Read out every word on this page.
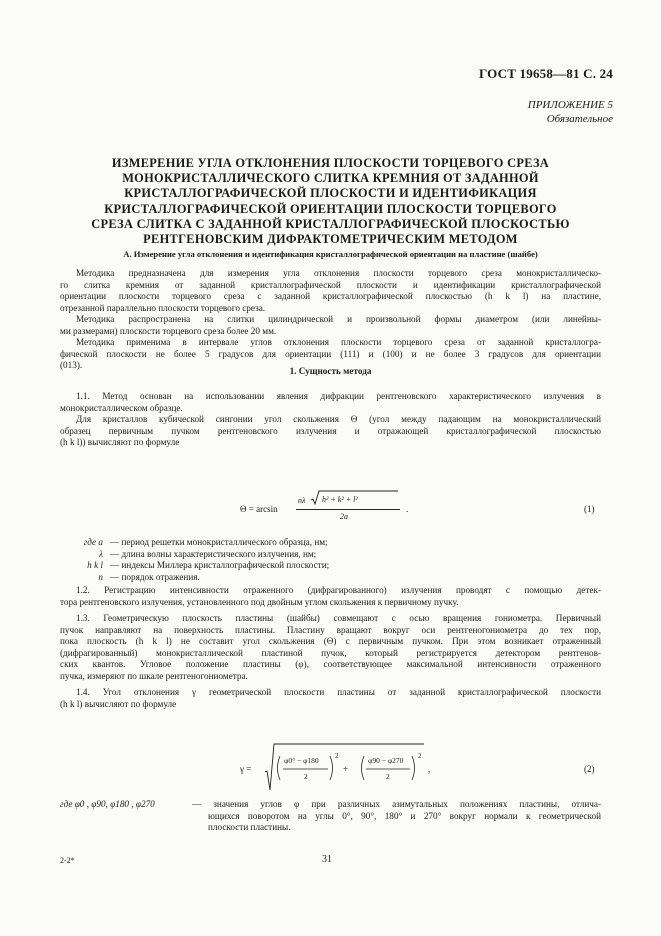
ГОСТ 19658—81 С. 24
ПРИЛОЖЕНИЕ 5
Обязательное
ИЗМЕРЕНИЕ УГЛА ОТКЛОНЕНИЯ ПЛОСКОСТИ ТОРЦЕВОГО СРЕЗА
МОНОКРИСТАЛЛИЧЕСКОГО СЛИТКА КРЕМНИЯ ОТ ЗАДАННОЙ
КРИСТАЛЛОГРАФИЧЕСКОЙ ПЛОСКОСТИ И ИДЕНТИФИКАЦИЯ
КРИСТАЛЛОГРАФИЧЕСКОЙ ОРИЕНТАЦИИ ПЛОСКОСТИ ТОРЦЕВОГО
СРЕЗА СЛИТКА С ЗАДАННОЙ КРИСТАЛЛОГРАФИЧЕСКОЙ ПЛОСКОСТЬЮ
РЕНТГЕНОВСКИМ ДИФРАКТОМЕТРИЧЕСКИМ МЕТОДОМ
А. Измерение угла отклонения и идентификация кристаллографической ориентации на пластине (шайбе)
Методика предназначена для измерения угла отклонения плоскости торцевого среза монокристалличеcко-
го слитка кремния от заданной кристаллографической плоскости и идентификации кристаллографической
ориентации плоскости торцевого среза с заданной кристаллографической плоскостью (h k l) на пластине,
отрезанной параллельно плоскости торцевого среза.
Методика распространена на слитки цилиндрической и произвольной формы диаметром (или линейны-
ми размерами) плоскости торцевого среза более 20 мм.
Методика применима в интервале углов отклонения плоскости торцевого среза от заданной кристаллогра-
фической плоскости не более 5 градусов для ориентации (111) и (100) и не более 3 градусов для ориентации
(013).
1. Сущность метода
1.1. Метод основан на использовании явления дифракции рентгеновского характеристического излучения в
монокристаллическом образце.
Для кристаллов кубической сингонии угол скольжения Θ (угол между падающим на монокристаллический
образец первичным пучком рентгеновского излучения и отражающей кристаллографической плоскостью
(h k l)) вычисляют по формуле
Θ = arcsin
nλ h² + k² + l²
2a
.	(1)
где a — период решетки монокристаллического образца, нм;
λ — длина волны характеристического излучения, нм;
h k l — индексы Миллера кристаллографической плоскости;
n — порядок отражения.
1.2. Регистрацию интенсивности отраженного (дифрагированного) излучения проводят с помощью детек-
тора рентгеновского излучения, установленного под двойным углом скольжения к первичному пучку.
1.3. Геометрическую плоскость пластины (шайбы) совмещают с осью вращения гониометра. Первичный
пучок направляют на поверхность пластины. Пластину вращают вокруг оси рентгеногониометра до тех пор,
пока плоскость (h k l) не составит угол скольжения (Θ) с первичным пучком. При этом возникает отраженный
(дифрагированный) монокристаллической пластиной пучок, который регистрируется детектором рентгенов-
ских квантов. Угловое положение пластины (φ), соответствующее максимальной интенсивности отраженного
пучка, измеряют по шкале рентгеногониометра.
1.4. Угол отклонения γ геометрической плоскости пластины от заданной кристаллографической плоскости
(h k l) вычисляют по формуле
γ =
φ0° − φ180
2
2
+
φ90 − φ270
2
2
,	(2)
где φ0 , φ90, φ180 , φ270	— значения углов φ при различных азимутальных положениях пластины, отлича-
ющихся поворотом на углы 0°, 90°, 180° и 270° вокруг нормали к геометрической
плоскости пластины.
2-2*	31
